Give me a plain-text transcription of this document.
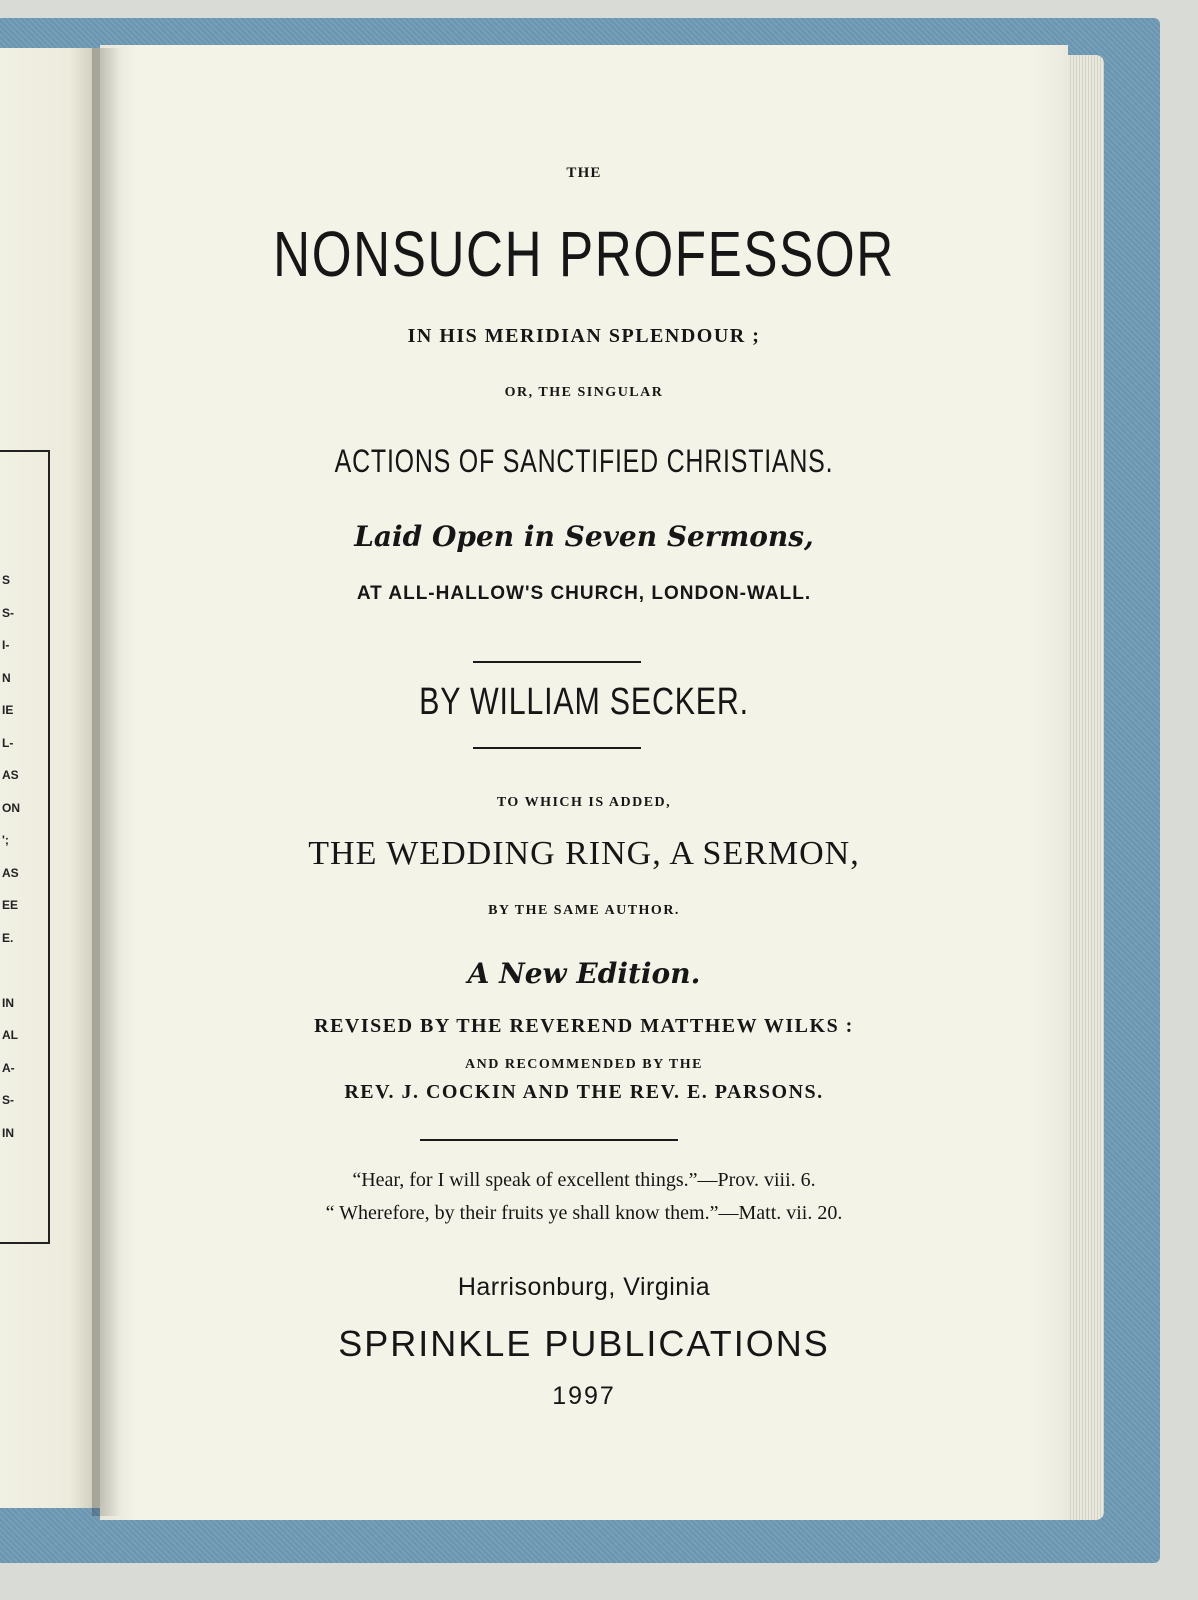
S
S-
I-
N
IE
L-
AS
ON
';
AS
EE
E.
IN
AL
A-
S-
IN
THE
NONSUCH PROFESSOR
IN HIS MERIDIAN SPLENDOUR ;
OR, THE SINGULAR
ACTIONS OF SANCTIFIED CHRISTIANS.
Laid Open in Seven Sermons,
AT ALL-HALLOW'S CHURCH, LONDON-WALL.
BY WILLIAM SECKER.
TO WHICH IS ADDED,
THE WEDDING RING, A SERMON,
BY THE SAME AUTHOR.
A New Edition.
REVISED BY THE REVEREND MATTHEW WILKS :
AND RECOMMENDED BY THE
REV. J. COCKIN AND THE REV. E. PARSONS.
“Hear, for I will speak of excellent things.”—Prov. viii. 6.
“ Wherefore, by their fruits ye shall know them.”—Matt. vii. 20.
Harrisonburg, Virginia
SPRINKLE PUBLICATIONS
1997
